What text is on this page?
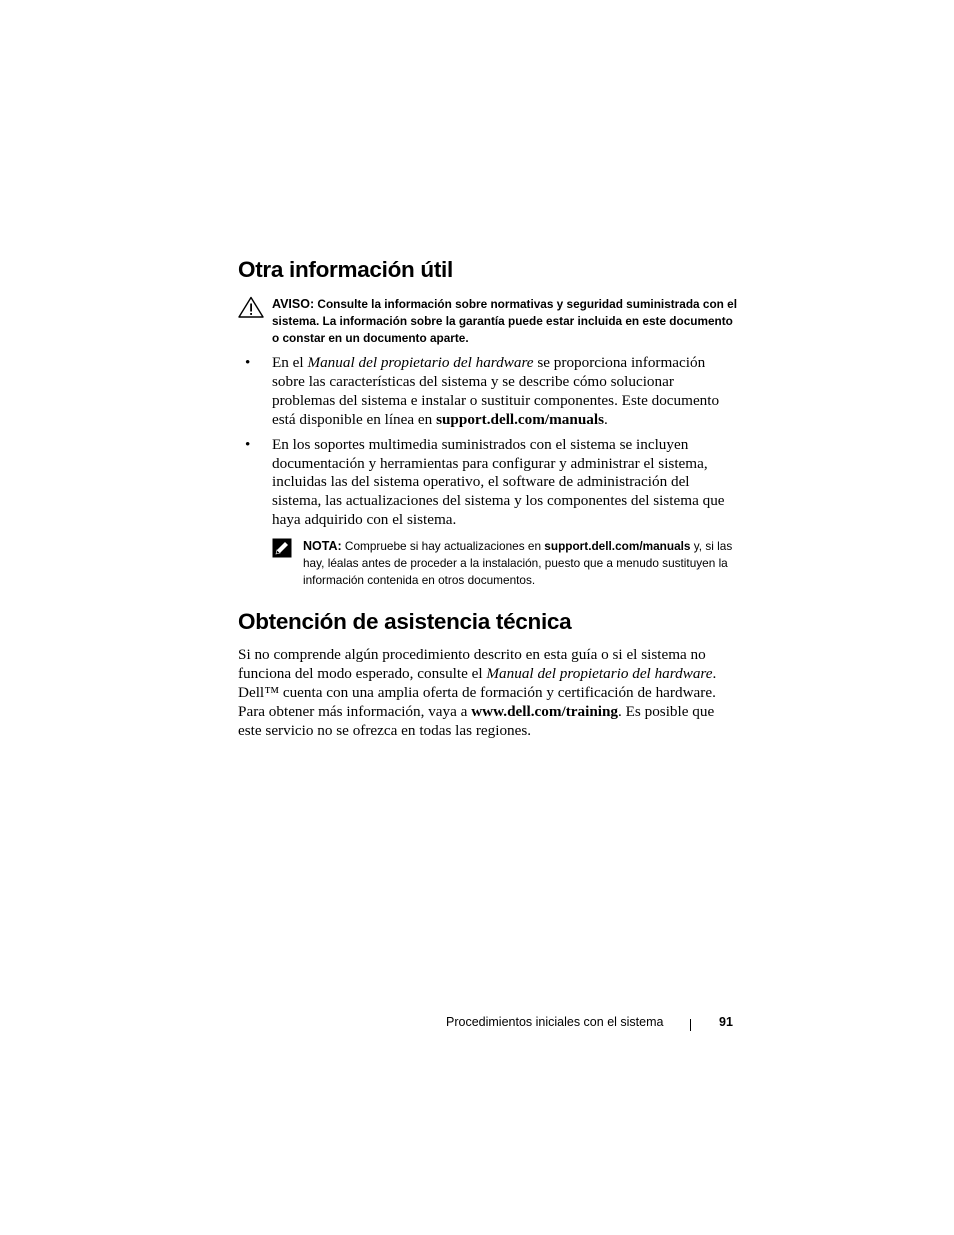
Otra información útil
AVISO: Consulte la información sobre normativas y seguridad suministrada con el sistema. La información sobre la garantía puede estar incluida en este documento o constar en un documento aparte.
• En el Manual del propietario del hardware se proporciona información sobre las características del sistema y se describe cómo solucionar problemas del sistema e instalar o sustituir componentes. Este documento está disponible en línea en support.dell.com/manuals.
• En los soportes multimedia suministrados con el sistema se incluyen documentación y herramientas para configurar y administrar el sistema, incluidas las del sistema operativo, el software de administración del sistema, las actualizaciones del sistema y los componentes del sistema que haya adquirido con el sistema.
NOTA: Compruebe si hay actualizaciones en support.dell.com/manuals y, si las hay, léalas antes de proceder a la instalación, puesto que a menudo sustituyen la información contenida en otros documentos.
Obtención de asistencia técnica

Si no comprende algún procedimiento descrito en esta guía o si el sistema no funciona del modo esperado, consulte el Manual del propietario del hardware. Dell™ cuenta con una amplia oferta de formación y certificación de hardware. Para obtener más información, vaya a www.dell.com/training. Es posible que este servicio no se ofrezca en todas las regiones.

Procedimientos iniciales con el sistema	91
